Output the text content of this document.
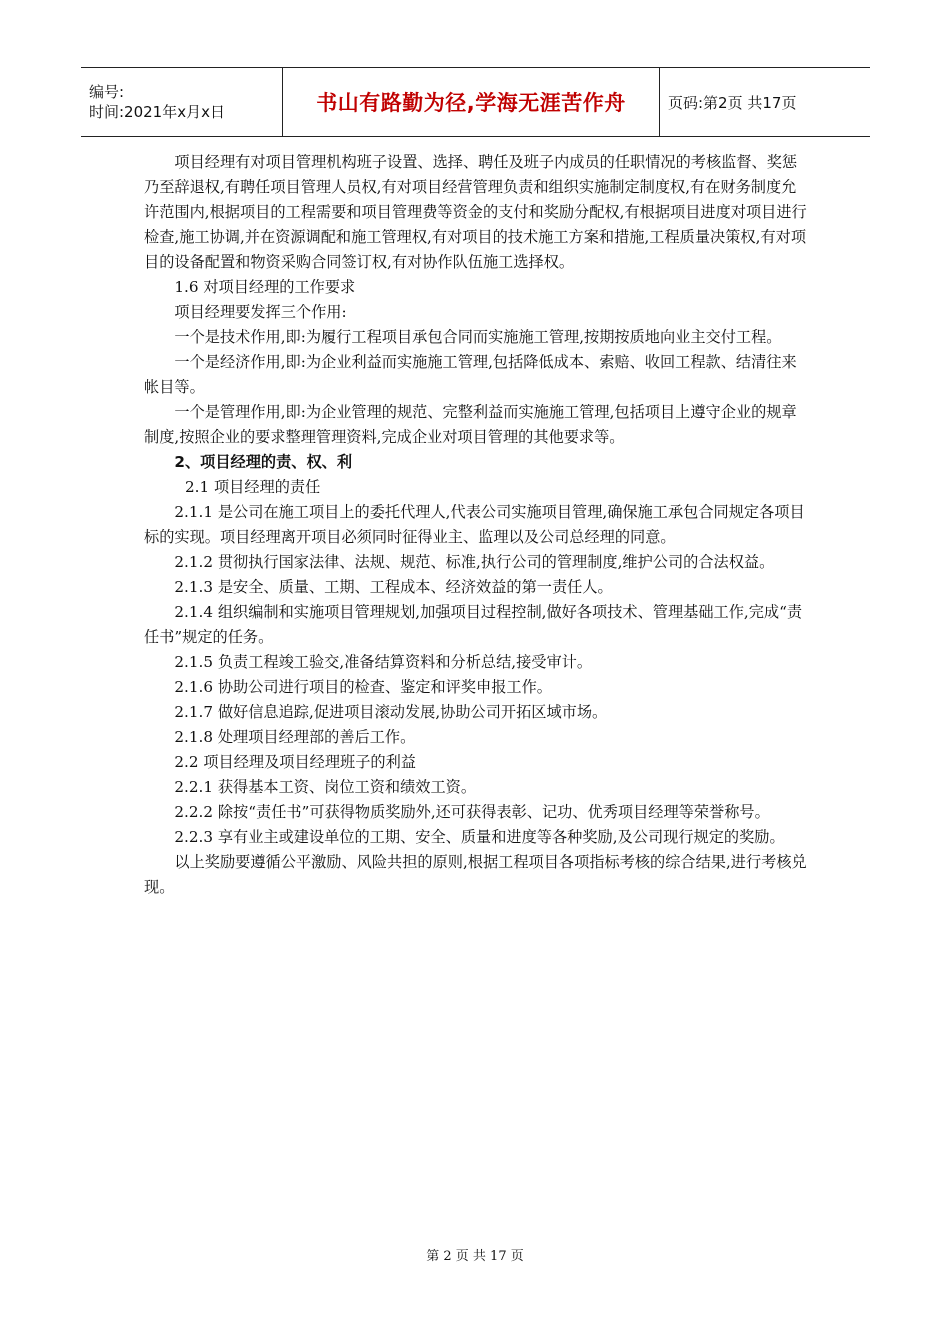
编号:
时间:2021年x月x日	书山有路勤为径,学海无涯苦作舟	页码:第2页 共17页

项目经理有对项目管理机构班子设置、选择、聘任及班子内成员的任职情况的考核监督、奖惩乃至辞退权,有聘任项目管理人员权,有对项目经营管理负责和组织实施制定制度权,有在财务制度允许范围内,根据项目的工程需要和项目管理费等资金的支付和奖励分配权,有根据项目进度对项目进行检查,施工协调,并在资源调配和施工管理权,有对项目的技术施工方案和措施,工程质量决策权,有对项目的设备配置和物资采购合同签订权,有对协作队伍施工选择权。

1.6 对项目经理的工作要求

项目经理要发挥三个作用:

一个是技术作用,即:为履行工程项目承包合同而实施施工管理,按期按质地向业主交付工程。

一个是经济作用,即:为企业利益而实施施工管理,包括降低成本、索赔、收回工程款、结清往来帐目等。

一个是管理作用,即:为企业管理的规范、完整利益而实施施工管理,包括项目上遵守企业的规章制度,按照企业的要求整理管理资料,完成企业对项目管理的其他要求等。

2、项目经理的责、权、利

2.1 项目经理的责任

2.1.1 是公司在施工项目上的委托代理人,代表公司实施项目管理,确保施工承包合同规定各项目标的实现。项目经理离开项目必须同时征得业主、监理以及公司总经理的同意。

2.1.2 贯彻执行国家法律、法规、规范、标准,执行公司的管理制度,维护公司的合法权益。

2.1.3 是安全、质量、工期、工程成本、经济效益的第一责任人。

2.1.4 组织编制和实施项目管理规划,加强项目过程控制,做好各项技术、管理基础工作,完成“责任书”规定的任务。

2.1.5 负责工程竣工验交,准备结算资料和分析总结,接受审计。

2.1.6 协助公司进行项目的检查、鉴定和评奖申报工作。

2.1.7 做好信息追踪,促进项目滚动发展,协助公司开拓区域市场。

2.1.8 处理项目经理部的善后工作。

2.2 项目经理及项目经理班子的利益

2.2.1 获得基本工资、岗位工资和绩效工资。

2.2.2 除按“责任书”可获得物质奖励外,还可获得表彰、记功、优秀项目经理等荣誉称号。

2.2.3 享有业主或建设单位的工期、安全、质量和进度等各种奖励,及公司现行规定的奖励。

以上奖励要遵循公平激励、风险共担的原则,根据工程项目各项指标考核的综合结果,进行考核兑现。

第 2 页 共 17 页
